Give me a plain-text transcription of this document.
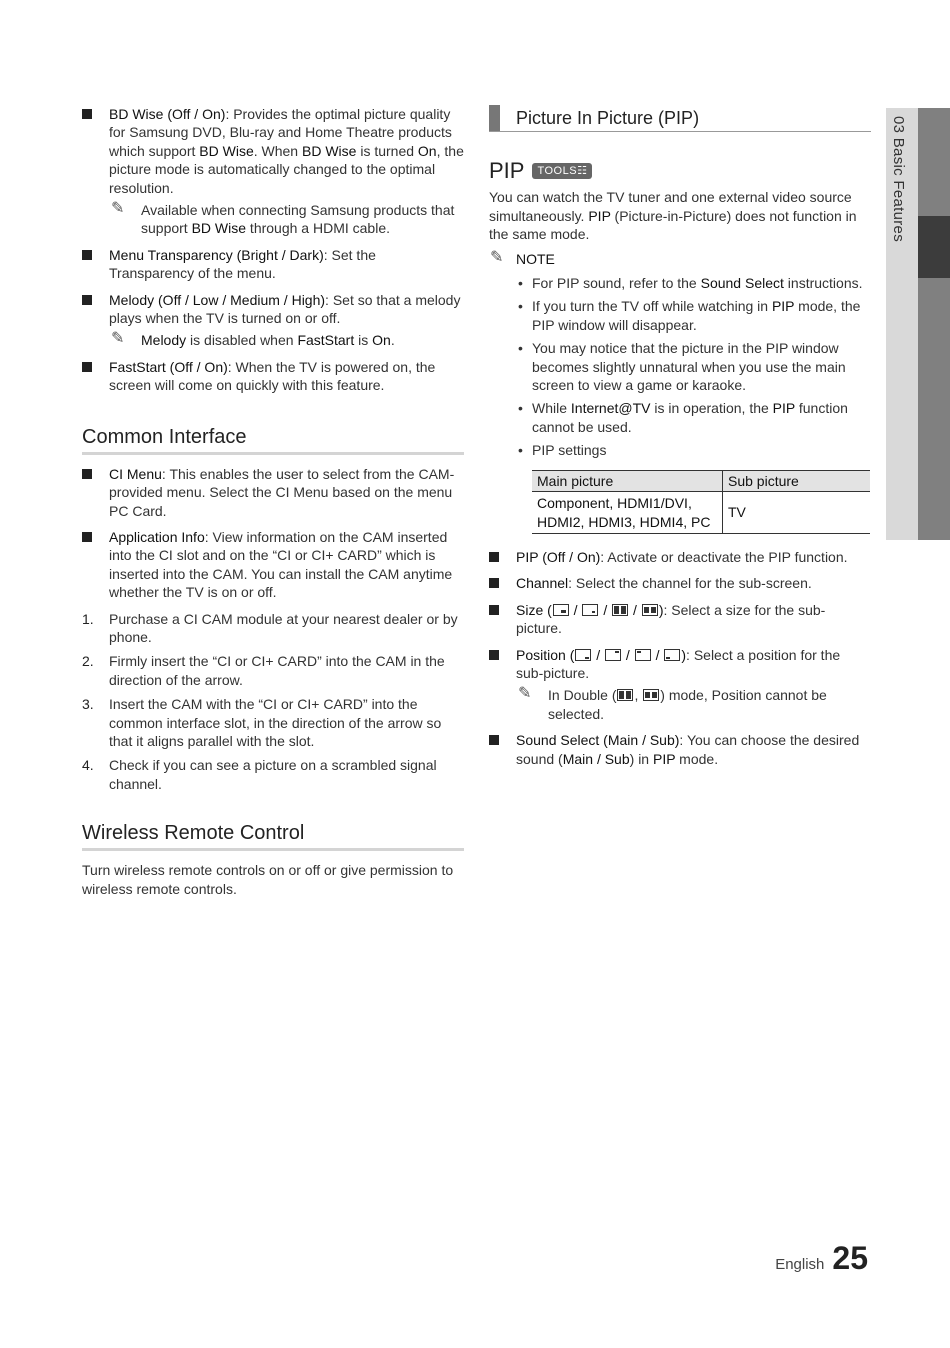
BD Wise (Off / On): Provides the optimal picture quality for Samsung DVD, Blu-ray and Home Theatre products which support BD Wise. When BD Wise is turned On, the picture mode is automatically changed to the optimal resolution.
✎ Available when connecting Samsung products that support BD Wise through a HDMI cable.
Menu Transparency (Bright / Dark): Set the Transparency of the menu.
Melody (Off / Low / Medium / High): Set so that a melody plays when the TV is turned on or off.
✎ Melody is disabled when FastStart is On.
FastStart (Off / On): When the TV is powered on, the screen will come on quickly with this feature.
Common Interface
CI Menu: This enables the user to select from the CAM-provided menu. Select the CI Menu based on the menu PC Card.
Application Info: View information on the CAM inserted into the CI slot and on the “CI or CI+ CARD” which is inserted into the CAM. You can install the CAM anytime whether the TV is on or off.
1. Purchase a CI CAM module at your nearest dealer or by phone.
2. Firmly insert the “CI or CI+ CARD” into the CAM in the direction of the arrow.
3. Insert the CAM with the “CI or CI+ CARD” into the common interface slot, in the direction of the arrow so that it aligns parallel with the slot.
4. Check if you can see a picture on a scrambled signal channel.
Wireless Remote Control
Turn wireless remote controls on or off or give permission to wireless remote controls.
Picture In Picture (PIP)
PIP	TOOLS☷
You can watch the TV tuner and one external video source simultaneously. PIP (Picture-in-Picture) does not function in the same mode.
✎ NOTE
• For PIP sound, refer to the Sound Select instructions.
• If you turn the TV off while watching in PIP mode, the PIP window will disappear.
• You may notice that the picture in the PIP window becomes slightly unnatural when you use the main screen to view a game or karaoke.
• While Internet@TV is in operation, the PIP function cannot be used.
• PIP settings
Main picture	Sub picture
Component, HDMI1/DVI, HDMI2, HDMI3, HDMI4, PC	TV
PIP (Off / On): Activate or deactivate the PIP function.
Channel: Select the channel for the sub-screen.
Size (
/
/
/
): Select a size for the sub-picture.
Position (
/
/
/
): Select a position for the sub-picture.
✎ In Double ( ,
) mode, Position cannot be selected.
Sound Select (Main / Sub): You can choose the desired sound (Main / Sub) in PIP mode.
03 Basic Features
English 25
